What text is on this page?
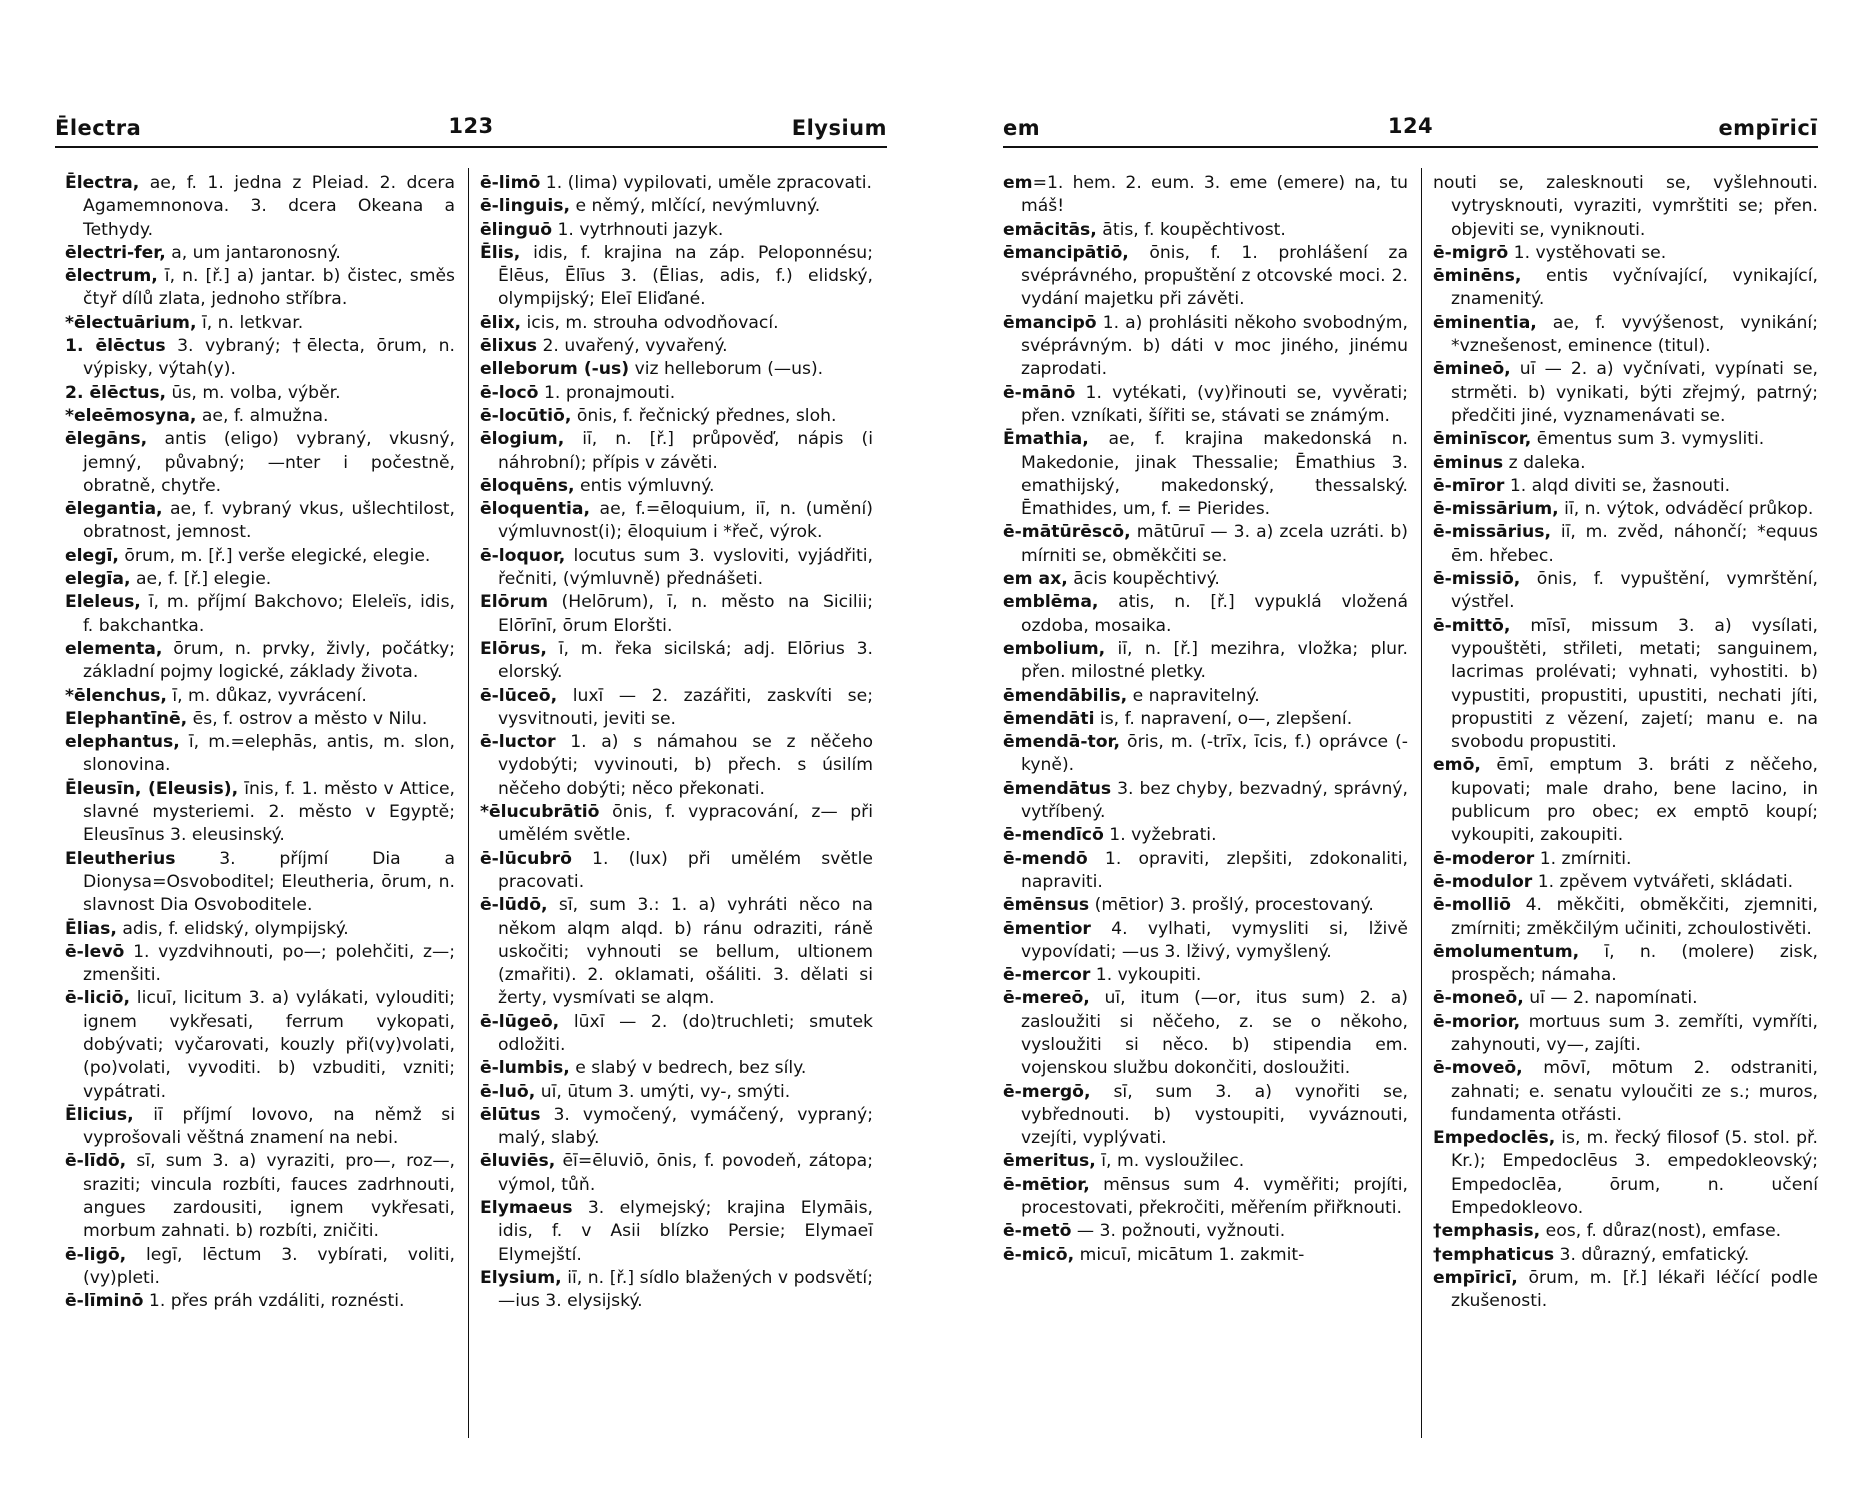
Ēlectra	123	Elysium
Ēlectra, ae, f. 1. jedna z Pleiad. 2. dcera Agamemnonova. 3. dcera Okeana a Tethydy.
ēlectri-fer, a, um jantaronosný.
ēlectrum, ī, n. [ř.] a) jantar. b) čistec, směs čtyř dílů zlata, jednoho stříbra.
*ēlectuārium, ī, n. letkvar.
1. ēlēctus 3. vybraný; †ēlecta, ōrum, n. výpisky, výtah(y).
2. ēlēctus, ūs, m. volba, výběr.
*eleēmosyna, ae, f. almužna.
ēlegāns, antis (eligo) vybraný, vkusný, jemný, půvabný; —nter i počestně, obratně, chytře.
ēlegantia, ae, f. vybraný vkus, ušlechtilost, obratnost, jemnost.
elegī, ōrum, m. [ř.] verše elegické, elegie.
elegīa, ae, f. [ř.] elegie.
Eleleus, ī, m. příjmí Bakchovo; Eleleïs, idis, f. bakchantka.
elementa, ōrum, n. prvky, živly, počátky; základní pojmy logické, základy života.
*ēlenchus, ī, m. důkaz, vyvrácení.
Elephantīnē, ēs, f. ostrov a město v Nilu.
elephantus, ī, m.=elephās, antis, m. slon, slonovina.
Ēleusīn, (Eleusis), īnis, f. 1. město v Attice, slavné mysteriemi. 2. město v Egyptě; Eleusīnus 3. eleusinský.
Eleutherius 3. příjmí Dia a Dionysa=Osvoboditel; Eleutheria, ōrum, n. slavnost Dia Osvoboditele.
Ēlias, adis, f. elidský, olympijský.
ē-levō 1. vyzdvihnouti, po—; polehčiti, z—; zmenšiti.
ē-liciō, licuī, licitum 3. a) vylákati, vylouditi; ignem vykřesati, ferrum vykopati, dobývati; vyčarovati, kouzly při(vy)volati, (po)volati, vyvoditi. b) vzbuditi, vzniti; vypátrati.
Ēlicius, iī příjmí Iovovo, na němž si vyprošovali věštná znamení na nebi.
ē-līdō, sī, sum 3. a) vyraziti, pro—, roz—, sraziti; vincula rozbíti, fauces zadrhnouti, angues zardousiti, ignem vykřesati, morbum zahnati. b) rozbíti, zničiti.
ē-ligō, legī, lēctum 3. vybírati, voliti, (vy)pleti.
ē-līminō 1. přes práh vzdáliti, roznésti.
ē-limō 1. (lima) vypilovati, uměle zpracovati.
ē-linguis, e němý, mlčící, nevýmluvný.
ēlinguō 1. vytrhnouti jazyk.
Ēlis, idis, f. krajina na záp. Peloponnésu; Ēlēus, Ēlīus 3. (Ēlias, adis, f.) elidský, olympijský; Eleī Eliďané.
ēlix, icis, m. strouha odvodňovací.
ēlixus 2. uvařený, vyvařený.
elleborum (-us) viz helleborum (—us).
ē-locō 1. pronajmouti.
ē-locūtiō, ōnis, f. řečnický přednes, sloh.
ēlogium, iī, n. [ř.] průpověď, nápis (i náhrobní); přípis v závěti.
ēloquēns, entis výmluvný.
ēloquentia, ae, f.=ēloquium, iī, n. (umění) výmluvnost(i); ēloquium i *řeč, výrok.
ē-loquor, locutus sum 3. vysloviti, vyjádřiti, řečniti, (výmluvně) přednášeti.
Elōrum (Helōrum), ī, n. město na Sicilii; Elōrīnī, ōrum Eloršti.
Elōrus, ī, m. řeka sicilská; adj. Elōrius 3. elorský.
ē-lūceō, luxī — 2. zazářiti, zaskvíti se; vysvitnouti, jeviti se.
ē-luctor 1. a) s námahou se z něčeho vydobýti; vyvinouti, b) přech. s úsilím něčeho dobýti; něco překonati.
*ēlucubrātiō ōnis, f. vypracování, z— při umělém světle.
ē-lūcubrō 1. (lux) při umělém světle pracovati.
ē-lūdō, sī, sum 3.: 1. a) vyhráti něco na někom alqm alqd. b) ránu odraziti, ráně uskočiti; vyhnouti se bellum, ultionem (zmařiti). 2. oklamati, ošáliti. 3. dělati si žerty, vysmívati se alqm.
ē-lūgeō, lūxī — 2. (do)truchleti; smutek odložiti.
ē-lumbis, e slabý v bedrech, bez síly.
ē-luō, uī, ūtum 3. umýti, vy-, smýti.
ēlūtus 3. vymočený, vymáčený, vypraný; malý, slabý.
ēluviēs, ēī=ēluviō, ōnis, f. povodeň, zátopa; výmol, tůň.
Elymaeus 3. elymejský; krajina Elymāis, idis, f. v Asii blízko Persie; Elymaeī Elymejští.
Elysium, iī, n. [ř.] sídlo blažených v podsvětí; —ius 3. elysijský.
em	124	empīricī
em=1. hem. 2. eum. 3. eme (emere) na, tu máš!
emācitās, ātis, f. koupěchtivost.
ēmancipātiō, ōnis, f. 1. prohlášení za svéprávného, propuštění z otcovské moci. 2. vydání majetku při závěti.
ēmancipō 1. a) prohlásiti někoho svobodným, svéprávným. b) dáti v moc jiného, jinému zaprodati.
ē-mānō 1. vytékati, (vy)řinouti se, vyvěrati; přen. vzníkati, šířiti se, stávati se známým.
Ēmathia, ae, f. krajina makedonská n. Makedonie, jinak Thessalie; Ēmathius 3. emathijský, makedonský, thessalský. Ēmathides, um, f. = Pierides.
ē-mātūrēscō, mātūruī — 3. a) zcela uzráti. b) mírniti se, obměkčiti se.
em ax, ācis koupěchtivý.
emblēma, atis, n. [ř.] vypuklá vložená ozdoba, mosaika.
embolium, iī, n. [ř.] mezihra, vložka; plur. přen. milostné pletky.
ēmendābilis, e napravitelný.
ēmendāti is, f. napravení, o—, zlepšení.
ēmendā-tor, ōris, m. (-trīx, īcis, f.) oprávce (-kyně).
ēmendātus 3. bez chyby, bezvadný, správný, vytříbený.
ē-mendīcō 1. vyžebrati.
ē-mendō 1. opraviti, zlepšiti, zdokonaliti, napraviti.
ēmēnsus (mētior) 3. prošlý, procestovaný.
ēmentior 4. vylhati, vymysliti si, lživě vypovídati; —us 3. lživý, vymyšlený.
ē-mercor 1. vykoupiti.
ē-mereō, uī, itum (—or, itus sum) 2. a) zasloužiti si něčeho, z. se o někoho, vysloužiti si něco. b) stipendia em. vojenskou službu dokončiti, dosloužiti.
ē-mergō, sī, sum 3. a) vynořiti se, vybřednouti. b) vystoupiti, vyváznouti, vzejíti, vyplývati.
ēmeritus, ī, m. vysloužilec.
ē-mētior, mēnsus sum 4. vyměřiti; projíti, procestovati, překročiti, měřením přiřknouti.
ē-metō — 3. požnouti, vyžnouti.
ē-micō, micuī, micātum 1. zakmit-
nouti se, zalesknouti se, vyšlehnouti. vytrysknouti, vyraziti, vymrštiti se; přen. objeviti se, vyniknouti.
ē-migrō 1. vystěhovati se.
ēminēns, entis vyčnívající, vynikající, znamenitý.
ēminentia, ae, f. vyvýšenost, vynikání; *vznešenost, eminence (titul).
ēmineō, uī — 2. a) vyčnívati, vypínati se, strměti. b) vynikati, býti zřejmý, patrný; předčiti jiné, vyznamenávati se.
ēminīscor, ēmentus sum 3. vymysliti.
ēminus z daleka.
ē-mīror 1. alqd diviti se, žasnouti.
ē-missārium, iī, n. výtok, odváděcí průkop.
ē-missārius, iī, m. zvěd, náhončí; *equus ēm. hřebec.
ē-missiō, ōnis, f. vypuštění, vymrštění, výstřel.
ē-mittō, mīsī, missum 3. a) vysílati, vypouštěti, střileti, metati; sanguinem, lacrimas prolévati; vyhnati, vyhostiti. b) vypustiti, propustiti, upustiti, nechati jíti, propustiti z vězení, zajetí; manu e. na svobodu propustiti.
emō, ēmī, emptum 3. bráti z něčeho, kupovati; male draho, bene lacino, in publicum pro obec; ex emptō koupí; vykoupiti, zakoupiti.
ē-moderor 1. zmírniti.
ē-modulor 1. zpěvem vytvářeti, skládati.
ē-molliō 4. měkčiti, obměkčiti, zjemniti, zmírniti; změkčilým učiniti, zchoulostivěti.
ēmolumentum, ī, n. (molere) zisk, prospěch; námaha.
ē-moneō, uī — 2. napomínati.
ē-morior, mortuus sum 3. zemříti, vymříti, zahynouti, vy—, zajíti.
ē-moveō, mōvī, mōtum 2. odstraniti, zahnati; e. senatu vyloučiti ze s.; muros, fundamenta otřásti.
Empedoclēs, is, m. řecký filosof (5. stol. př. Kr.); Empedoclēus 3. empedokleovský; Empedoclēa, ōrum, n. učení Empedokleovo.
†emphasis, eos, f. důraz(nost), emfase.
†emphaticus 3. důrazný, emfatický.
empīricī, ōrum, m. [ř.] lékaři léčící podle zkušenosti.
